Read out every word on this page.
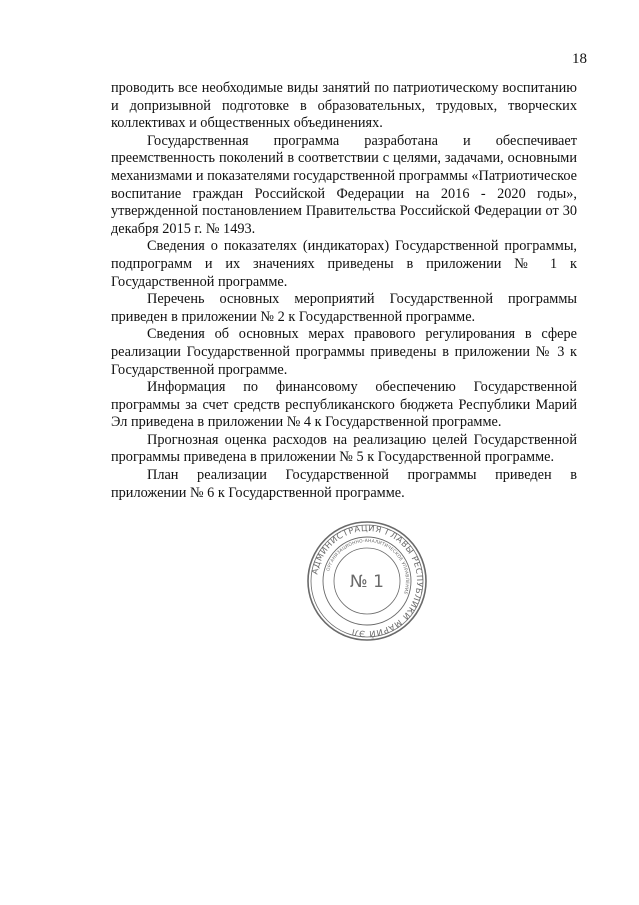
18

проводить все необходимые виды занятий по патриотическому воспитанию и допризывной подготовке в образовательных, трудовых, творческих коллективах и общественных объединениях.

Государственная программа разработана и обеспечивает преемственность поколений в соответствии с целями, задачами, основными механизмами и показателями государственной программы «Патриотическое воспитание граждан Российской Федерации на 2016 - 2020 годы», утвержденной постановлением Правительства Российской Федерации от 30 декабря 2015 г. № 1493.

Сведения о показателях (индикаторах) Государственной программы, подпрограмм и их значениях приведены в приложении № 1 к Государственной программе.

Перечень основных мероприятий Государственной программы приведен в приложении № 2 к Государственной программе.

Сведения об основных мерах правового регулирования в сфере реализации Государственной программы приведены в приложении № 3 к Государственной программе.

Информация по финансовому обеспечению Государственной программы за счет средств республиканского бюджета Республики Марий Эл приведена в приложении № 4 к Государственной программе.

Прогнозная оценка расходов на реализацию целей Государственной программы приведена в приложении № 5 к Государственной программе.

План реализации Государственной программы приведен в приложении № 6 к Государственной программе.

АДМИНИСТРАЦИЯ ГЛАВЫ РЕСПУБЛИКИ МАРИЙ ЭЛ
ОРГАНИЗАЦИОННО-АНАЛИТИЧЕСКОЕ УПРАВЛЕНИЕ
№ 1
